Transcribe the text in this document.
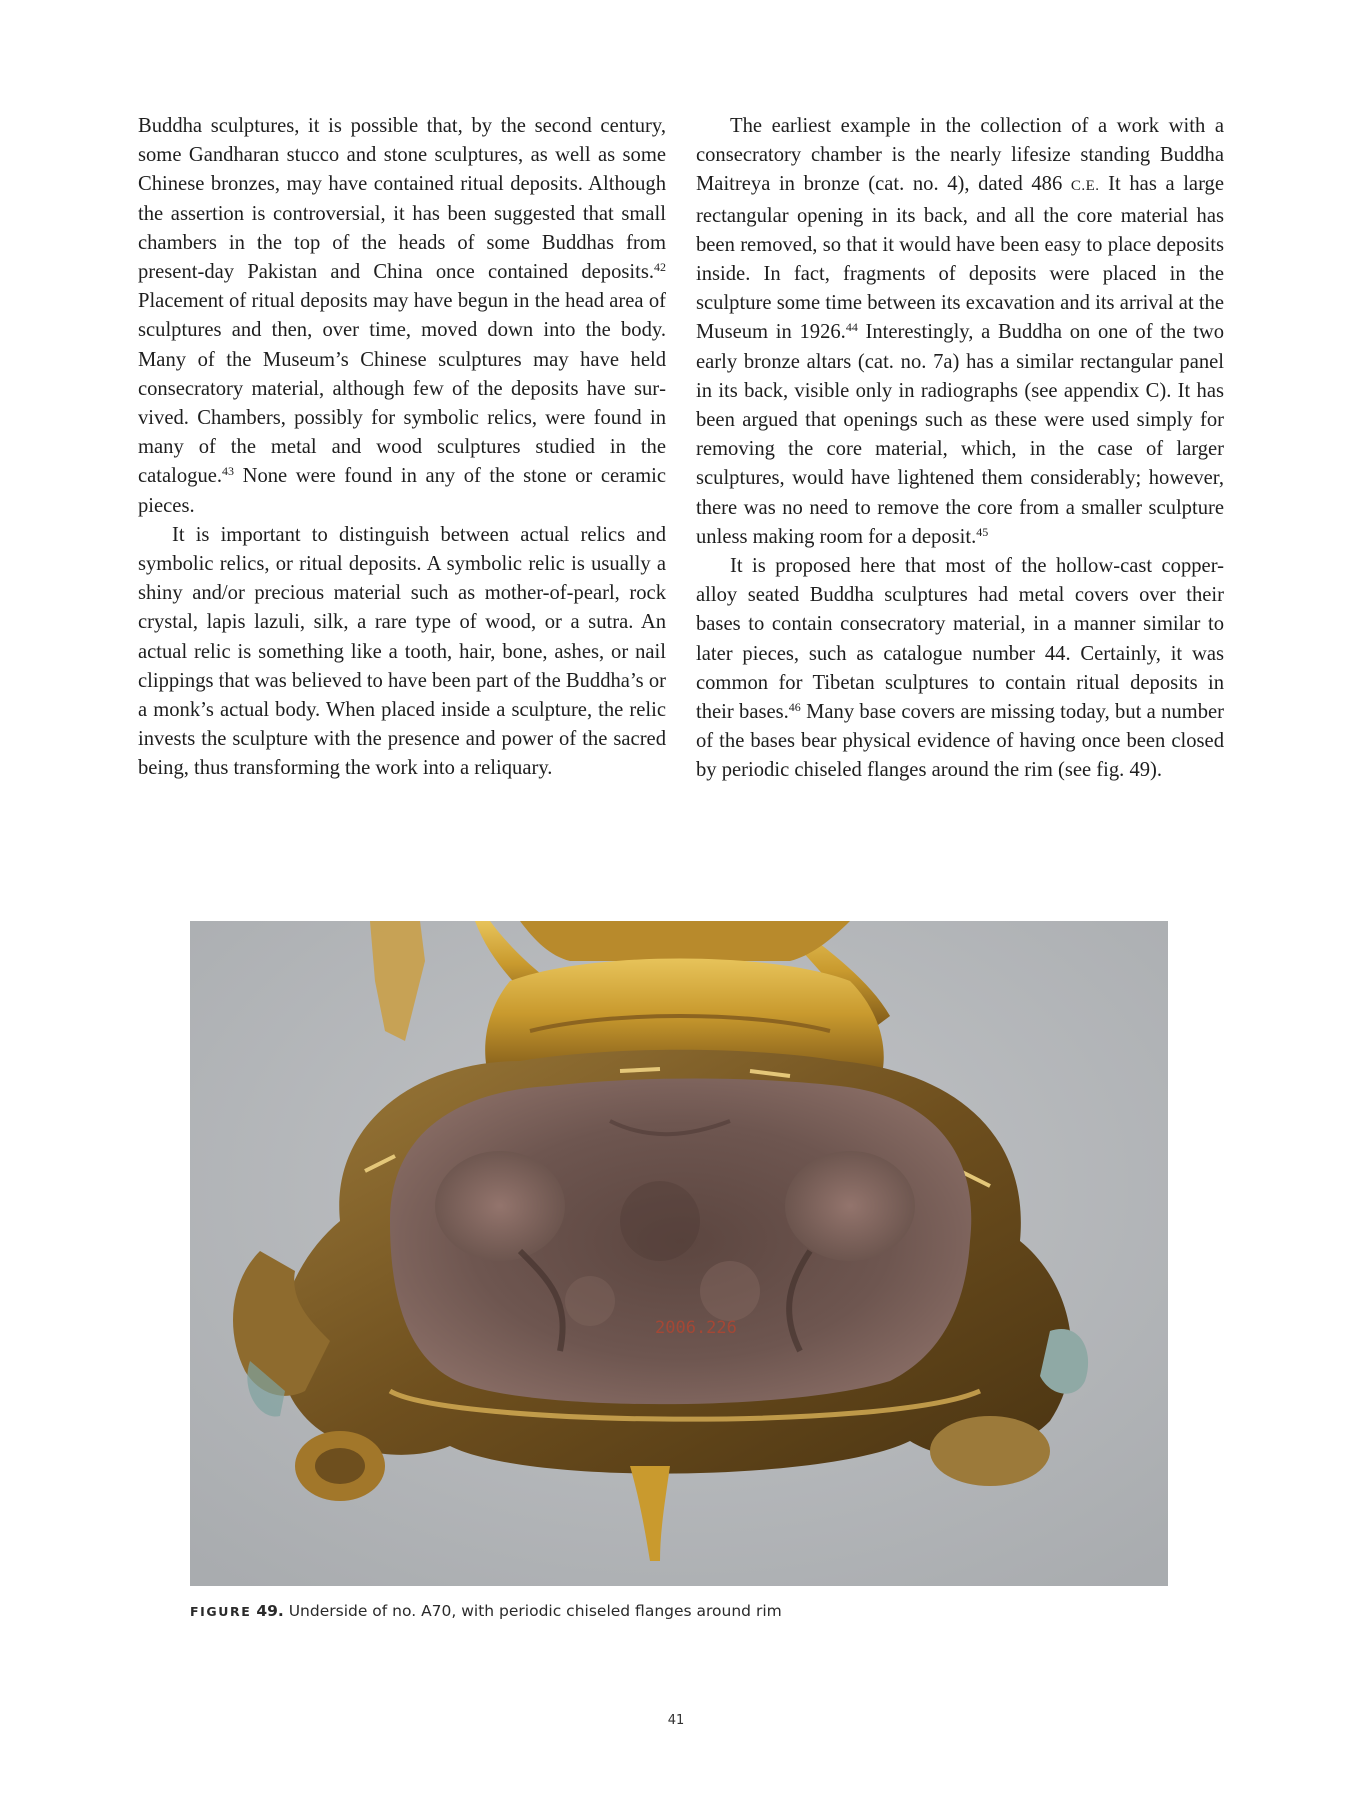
Buddha sculptures, it is possible that, by the second century, some Gandharan stucco and stone sculptures, as well as some Chinese bronzes, may have contained ritual deposits. Although the assertion is controversial, it has been suggested that small chambers in the top of the heads of some Buddhas from present-day Pakistan and China once contained deposits.$^{42}$ Placement of ritual deposits may have begun in the head area of sculptures and then, over time, moved down into the body. Many of the Museum’s Chinese sculptures may have held consecratory material, although few of the deposits have survived. Chambers, possibly for symbolic relics, were found in many of the metal and wood sculptures studied in the catalogue.$^{43}$ None were found in any of the stone or ceramic pieces.

It is important to distinguish between actual relics and symbolic relics, or ritual deposits. A symbolic relic is usually a shiny and/or precious material such as mother-of-pearl, rock crystal, lapis lazuli, silk, a rare type of wood, or a sutra. An actual relic is something like a tooth, hair, bone, ashes, or nail clippings that was believed to have been part of the Buddha’s or a monk’s actual body. When placed inside a sculpture, the relic invests the sculpture with the presence and power of the sacred being, thus transforming the work into a reliquary.

The earliest example in the collection of a work with a consecratory chamber is the nearly lifesize standing Buddha Maitreya in bronze (cat. no. 4), dated 486 C.E. It has a large rectangular opening in its back, and all the core material has been removed, so that it would have been easy to place deposits inside. In fact, fragments of deposits were placed in the sculpture some time between its excavation and its arrival at the Museum in 1926.44 Interestingly, a Buddha on one of the two early bronze altars (cat. no. 7a) has a similar rectangular panel in its back, visible only in radiographs (see appendix C). It has been argued that openings such as these were used simply for removing the core material, which, in the case of larger sculptures, would have lightened them considerably; however, there was no need to remove the core from a smaller sculpture unless making room for a deposit.$^{45}$

It is proposed here that most of the hollow-cast copper-alloy seated Buddha sculptures had metal covers over their bases to contain consecratory material, in a manner similar to later pieces, such as catalogue number 44. Certainly, it was common for Tibetan sculptures to contain ritual deposits in their bases.$^{46}$ Many base covers are missing today, but a number of the bases bear physical evidence of having once been closed by periodic chiseled flanges around the rim (see fig. 49).

2006.226
FIGURE 49. Underside of no. A70, with periodic chiseled flanges around rim
41
